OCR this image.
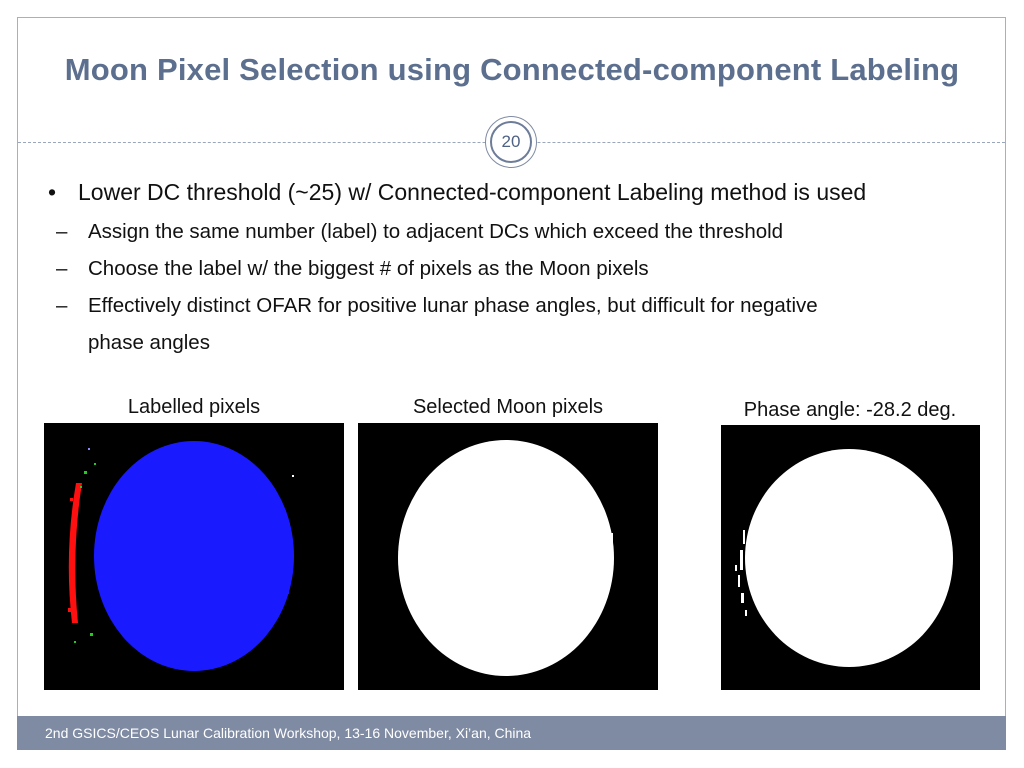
Moon Pixel Selection using Connected-component Labeling
20
• Lower DC threshold (~25) w/ Connected-component Labeling method is used
– Assign the same number (label) to adjacent DCs which exceed the threshold
– Choose the label w/ the biggest # of pixels as the Moon pixels
– Effectively distinct OFAR for positive lunar phase angles, but difficult for negative
phase angles
Labelled pixels	Selected Moon pixels	Phase angle: -28.2 deg.
2nd GSICS/CEOS Lunar Calibration Workshop, 13-16 November, Xi’an, China
